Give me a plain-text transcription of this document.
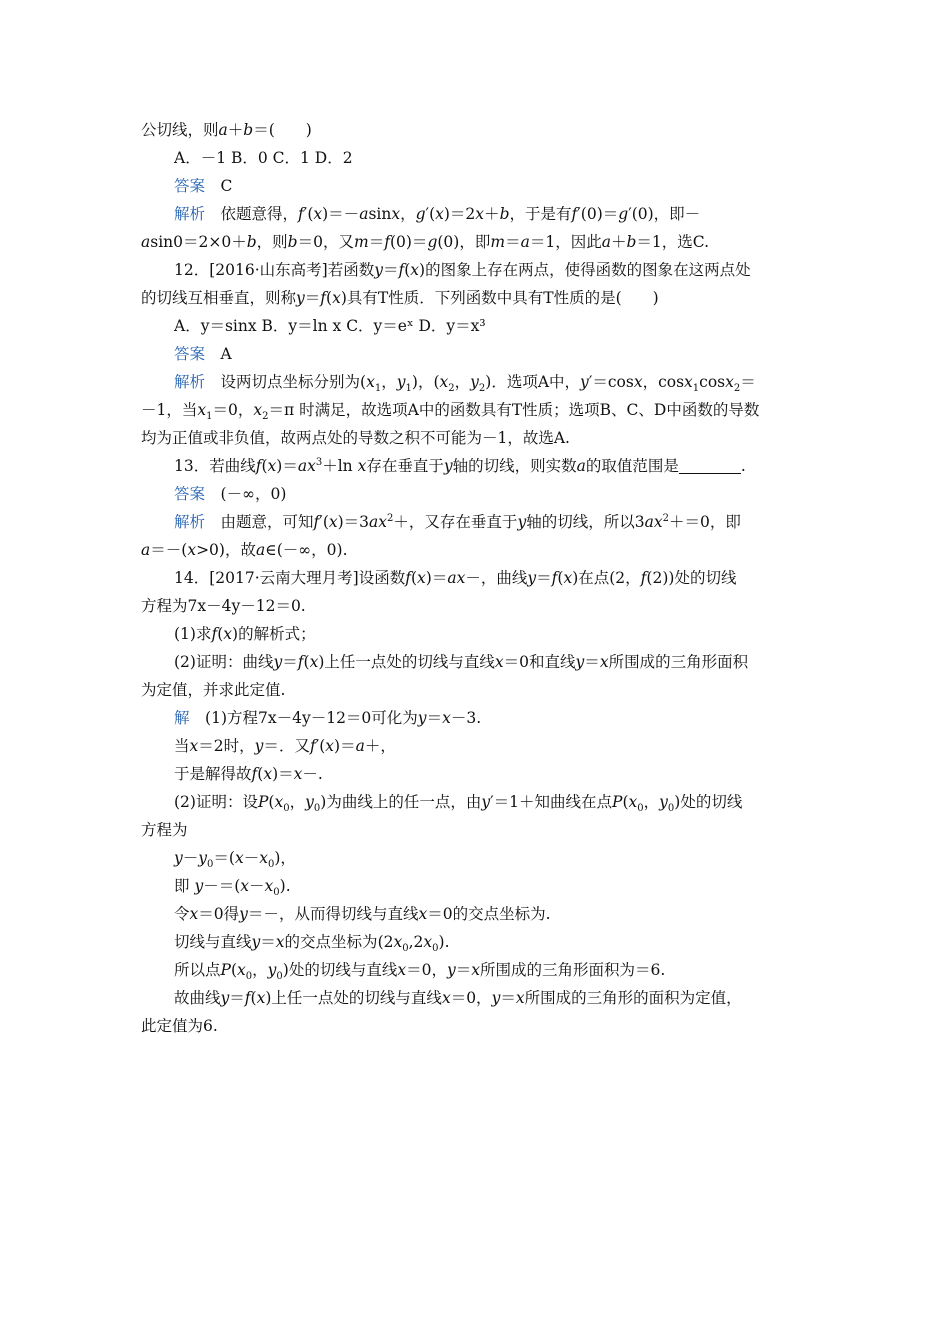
公切线，则a＋b＝(　　)
A．－1 B．0 C．1 D．2
答案　 C
解析　 依题意得，f′(x)＝－asinx，g′(x)＝2x＋b，于是有f′(0)＝g′(0)，即－
asin0＝2×0＋b，则b＝0，又m＝f(0)＝g(0)，即m＝a＝1，因此a＋b＝1，选C.
12．[2016·山东高考]若函数y＝f(x)的图象上存在两点，使得函数的图象在这两点处
的切线互相垂直，则称y＝f(x)具有T性质．下列函数中具有T性质的是(　　)
A．y＝sinx B．y＝ln x C．y＝eˣ D．y＝x³
答案　 A
解析　 设两切点坐标分别为($x_1$，$y_1$)，($x_2$，$y_2$)．选项A中，y′＝cosx，cosx$_1$cosx$_2$＝
－1，当$x_1=0$，$x_2=\pi$ 时满足，故选项A中的函数具有T性质；选项B、C、D中函数的导数
均为正值或非负值，故两点处的导数之积不可能为－1，故选A.
13．若曲线$f(x)=ax^3+\ln$ x存在垂直于y轴的切线，则实数a的取值范围是	.
答案　 (－∞，0)
解析　 由题意，可知$f'(x)=3ax^2+$，又存在垂直于y轴的切线，所以$3ax^2+=0$，即
a＝－(x>0)，故a∈(－∞，0).
14．[2017·云南大理月考]设函数f(x)＝ax－，曲线y＝f(x)在点(2，f(2))处的切线
方程为7x－4y－12＝0.
(1)求f(x)的解析式；
(2)证明：曲线y＝f(x)上任一点处的切线与直线x＝0和直线y＝x所围成的三角形面积
为定值，并求此定值.
解　 (1)方程7x－4y－12＝0可化为y＝x－3.
当x＝2时，y＝．又f′(x)＝a＋，
于是解得故f(x)＝x－.
(2)证明：设$P(x_0$，$y_0$)为曲线上的任一点，由y′＝1＋知曲线在点$P(x_0$，$y_0$)处的切线
方程为
$y-y_0=(x-x_0)$，
即 $y-=(x-x_0)$.
令x＝0得y＝－，从而得切线与直线x＝0的交点坐标为.
切线与直线y＝x的交点坐标为$(2x_0,2x_0)$.
所以点$P(x_0$，$y_0$)处的切线与直线x＝0，y＝x所围成的三角形面积为＝6.
故曲线y＝f(x)上任一点处的切线与直线x＝0，y＝x所围成的三角形的面积为定值，
此定值为6.
